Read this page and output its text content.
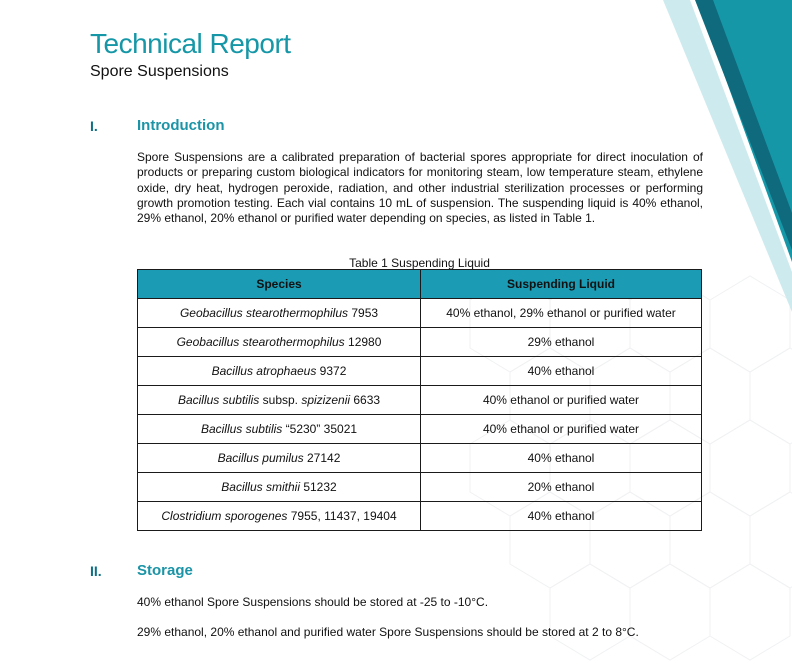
Technical Report
Spore Suspensions
I.	Introduction

Spore Suspensions are a calibrated preparation of bacterial spores appropriate for direct inoculation of products or preparing custom biological indicators for monitoring steam, low temperature steam, ethylene oxide, dry heat, hydrogen peroxide, radiation, and other industrial sterilization processes or performing growth promotion testing. Each vial contains 10 mL of suspension. The suspending liquid is 40% ethanol, 29% ethanol, 20% ethanol or purified water depending on species, as listed in Table 1.

Table 1 Suspending Liquid
Species	Suspending Liquid
Geobacillus stearothermophilus 7953	40% ethanol, 29% ethanol or purified water
Geobacillus stearothermophilus 12980	29% ethanol
Bacillus atrophaeus 9372	40% ethanol
Bacillus subtilis subsp. spizizenii 6633	40% ethanol or purified water
Bacillus subtilis “5230” 35021	40% ethanol or purified water
Bacillus pumilus 27142	40% ethanol
Bacillus smithii 51232	20% ethanol
Clostridium sporogenes 7955, 11437, 19404	40% ethanol
II. Storage

40% ethanol Spore Suspensions should be stored at -25 to -10°C.

29% ethanol, 20% ethanol and purified water Spore Suspensions should be stored at 2 to 8°C.
